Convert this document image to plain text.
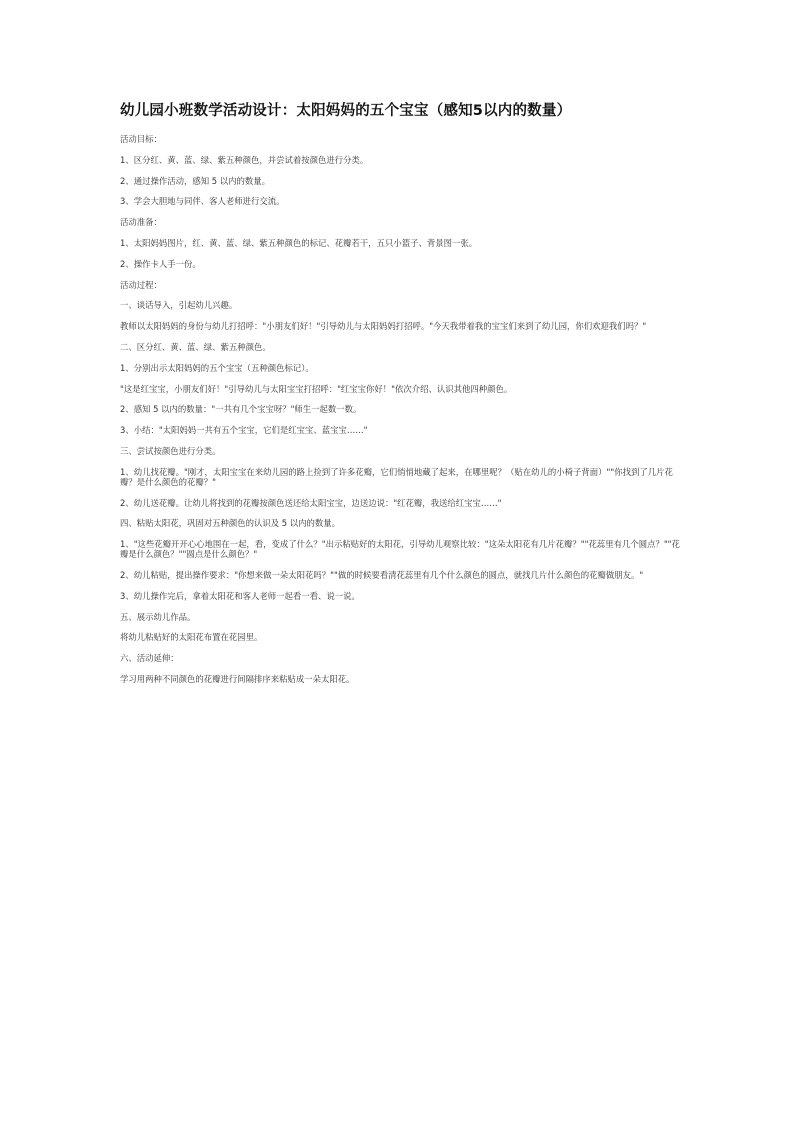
幼儿园小班数学活动设计：太阳妈妈的五个宝宝（感知5以内的数量）

活动目标：

1、区分红、黄、蓝、绿、紫五种颜色，并尝试着按颜色进行分类。

2、通过操作活动，感知 5 以内的数量。

3、学会大胆地与同伴、客人老师进行交流。

活动准备：

1、太阳妈妈图片，红、黄、蓝、绿、紫五种颜色的标记、花瓣若干，五只小篮子、背景图一张。

2、操作卡人手一份。

活动过程：

一、谈话导入，引起幼儿兴趣。

教师以太阳妈妈的身份与幼儿打招呼："小朋友们好！"引导幼儿与太阳妈妈打招呼。"今天我带着我的宝宝们来到了幼儿园，你们欢迎我们吗？"

二、区分红、黄、蓝、绿、紫五种颜色。

1、分别出示太阳妈妈的五个宝宝（五种颜色标记）。

"这是红宝宝，小朋友们好！"引导幼儿与太阳宝宝打招呼："红宝宝你好！"依次介绍、认识其他四种颜色。

2、感知 5 以内的数量："一共有几个宝宝呀？"师生一起数一数。

3、小结："太阳妈妈一共有五个宝宝，它们是红宝宝、蓝宝宝……"

三、尝试按颜色进行分类。

1、幼儿找花瓣。"刚才，太阳宝宝在来幼儿园的路上捡到了许多花瓣，它们悄悄地藏了起来，在哪里呢？（贴在幼儿的小椅子背面）""你找到了几片花瓣？是什么颜色的花瓣？"

2、幼儿送花瓣。让幼儿将找到的花瓣按颜色送还给太阳宝宝，边送边说："红花瓣，我送给红宝宝……"

四、粘贴太阳花，巩固对五种颜色的认识及 5 以内的数量。

1、"这些花瓣开开心心地围在一起，看，变成了什么？"出示粘贴好的太阳花，引导幼儿观察比较："这朵太阳花有几片花瓣？""花蕊里有几个圆点？""花瓣是什么颜色？""圆点是什么颜色？"

2、幼儿粘贴，提出操作要求："你想来做一朵太阳花吗？""做的时候要看清花蕊里有几个什么颜色的圆点，就找几片什么颜色的花瓣做朋友。"

3、幼儿操作完后，拿着太阳花和客人老师一起看一看、说一说。

五、展示幼儿作品。

将幼儿粘贴好的太阳花布置在花园里。

六、活动延伸：

学习用两种不同颜色的花瓣进行间隔排序来粘贴成一朵太阳花。
